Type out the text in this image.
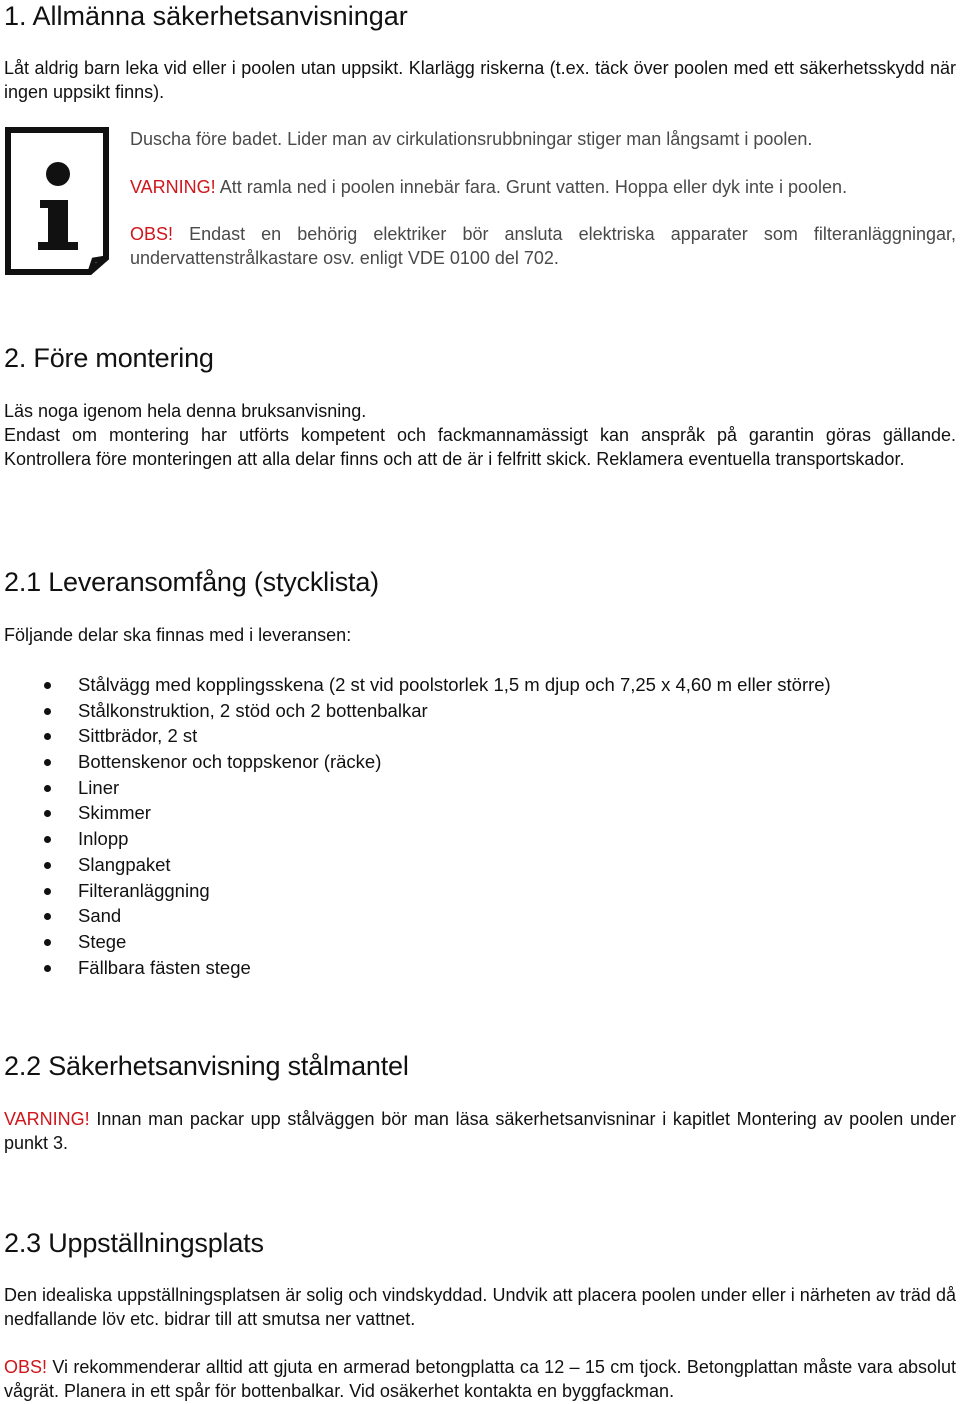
1. Allmänna säkerhetsanvisningar

Låt aldrig barn leka vid eller i poolen utan uppsikt. Klarlägg riskerna (t.ex. täck över poolen med ett säkerhetsskydd när ingen uppsikt finns).

Duscha före badet. Lider man av cirkulationsrubbningar stiger man långsamt i poolen.

VARNING! Att ramla ned i poolen innebär fara. Grunt vatten. Hoppa eller dyk inte i poolen.

OBS! Endast en behörig elektriker bör ansluta elektriska apparater som filteranläggningar, undervattenstrålkastare osv. enligt VDE 0100 del 702.

2. Före montering

Läs noga igenom hela denna bruksanvisning.

Endast om montering har utförts kompetent och fackmannamässigt kan anspråk på garantin göras gällande. Kontrollera före monteringen att alla delar finns och att de är i felfritt skick. Reklamera eventuella transportskador.

2.1 Leveransomfång (stycklista)

Följande delar ska finnas med i leveransen:

Stålvägg med kopplingsskena (2 st vid poolstorlek 1,5 m djup och 7,25 x 4,60 m eller större)
Stålkonstruktion, 2 stöd och 2 bottenbalkar
Sittbrädor, 2 st
Bottenskenor och toppskenor (räcke)
Liner
Skimmer
Inlopp
Slangpaket
Filteranläggning
Sand
Stege
Fällbara fästen stege
2.2 Säkerhetsanvisning stålmantel

VARNING! Innan man packar upp stålväggen bör man läsa säkerhetsanvisninar i kapitlet Montering av poolen under punkt 3.

2.3 Uppställningsplats

Den idealiska uppställningsplatsen är solig och vindskyddad. Undvik att placera poolen under eller i närheten av träd då nedfallande löv etc. bidrar till att smutsa ner vattnet.

OBS! Vi rekommenderar alltid att gjuta en armerad betongplatta ca 12 – 15 cm tjock. Betongplattan måste vara absolut vågrät. Planera in ett spår för bottenbalkar. Vid osäkerhet kontakta en byggfackman.
